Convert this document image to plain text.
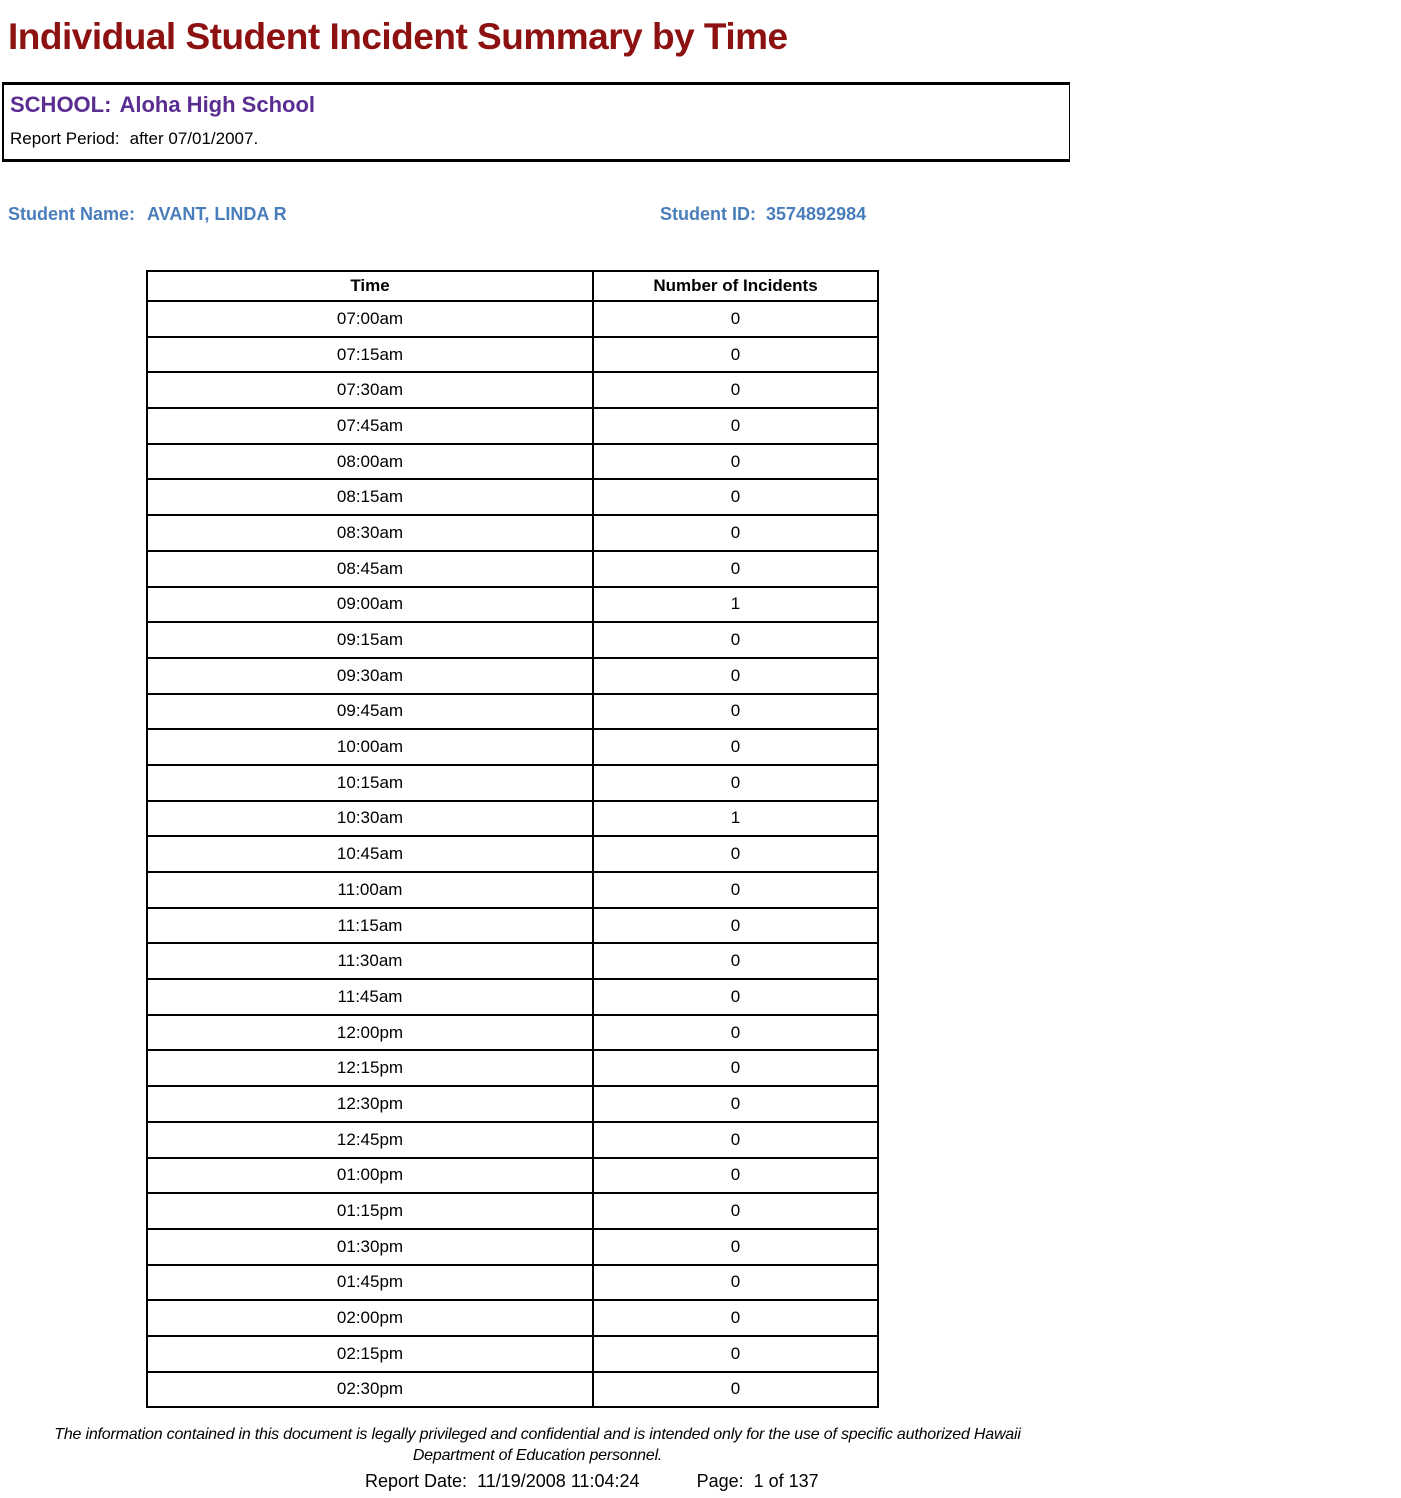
Individual Student Incident Summary by Time
SCHOOL: Aloha High School
Report Period: after 07/01/2007.
Student Name: AVANT, LINDA R	Student ID: 3574892984
Time	Number of Incidents
07:00am	0
07:15am	0
07:30am	0
07:45am	0
08:00am	0
08:15am	0
08:30am	0
08:45am	0
09:00am	1
09:15am	0
09:30am	0
09:45am	0
10:00am	0
10:15am	0
10:30am	1
10:45am	0
11:00am	0
11:15am	0
11:30am	0
11:45am	0
12:00pm	0
12:15pm	0
12:30pm	0
12:45pm	0
01:00pm	0
01:15pm	0
01:30pm	0
01:45pm	0
02:00pm	0
02:15pm	0
02:30pm	0
The information contained in this document is legally privileged and confidential and is intended only for the use of specific authorized Hawaii Department of Education personnel.
Report Date: 11/19/2008 11:04:24	Page: 1 of 137
